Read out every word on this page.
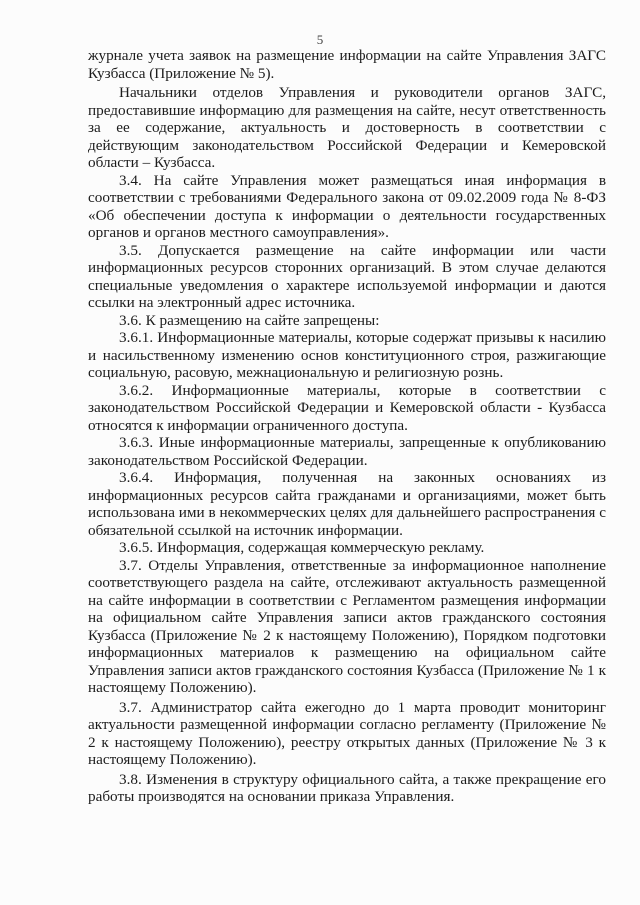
5

журнале учета заявок на размещение информации на сайте Управления ЗАГС Кузбасса (Приложение № 5).

Начальники отделов Управления и руководители органов ЗАГС, предоставившие информацию для размещения на сайте, несут ответственность за ее содержание, актуальность и достоверность в соответствии с действующим законодательством Российской Федерации и Кемеровской области – Кузбасса.

3.4. На сайте Управления может размещаться иная информация в соответствии с требованиями Федерального закона от 09.02.2009 года № 8-ФЗ «Об обеспечении доступа к информации о деятельности государственных органов и органов местного самоуправления».

3.5. Допускается размещение на сайте информации или части информационных ресурсов сторонних организаций. В этом случае делаются специальные уведомления о характере используемой информации и даются ссылки на электронный адрес источника.

3.6. К размещению на сайте запрещены:

3.6.1. Информационные материалы, которые содержат призывы к насилию и насильственному изменению основ конституционного строя, разжигающие социальную, расовую, межнациональную и религиозную рознь.

3.6.2. Информационные материалы, которые в соответствии с законодательством Российской Федерации и Кемеровской области - Кузбасса относятся к информации ограниченного доступа.

3.6.3. Иные информационные материалы, запрещенные к опубликованию законодательством Российской Федерации.

3.6.4. Информация, полученная на законных основаниях из информационных ресурсов сайта гражданами и организациями, может быть использована ими в некоммерческих целях для дальнейшего распространения с обязательной ссылкой на источник информации.

3.6.5. Информация, содержащая коммерческую рекламу.

3.7. Отделы Управления, ответственные за информационное наполнение соответствующего раздела на сайте, отслеживают актуальность размещенной на сайте информации в соответствии с Регламентом размещения информации на официальном сайте Управления записи актов гражданского состояния Кузбасса (Приложение № 2 к настоящему Положению), Порядком подготовки информационных материалов к размещению на официальном сайте Управления записи актов гражданского состояния Кузбасса (Приложение № 1 к настоящему Положению).

3.7. Администратор сайта ежегодно до 1 марта проводит мониторинг актуальности размещенной информации согласно регламенту (Приложение № 2 к настоящему Положению), реестру открытых данных (Приложение № 3 к настоящему Положению).

3.8. Изменения в структуру официального сайта, а также прекращение его работы производятся на основании приказа Управления.
